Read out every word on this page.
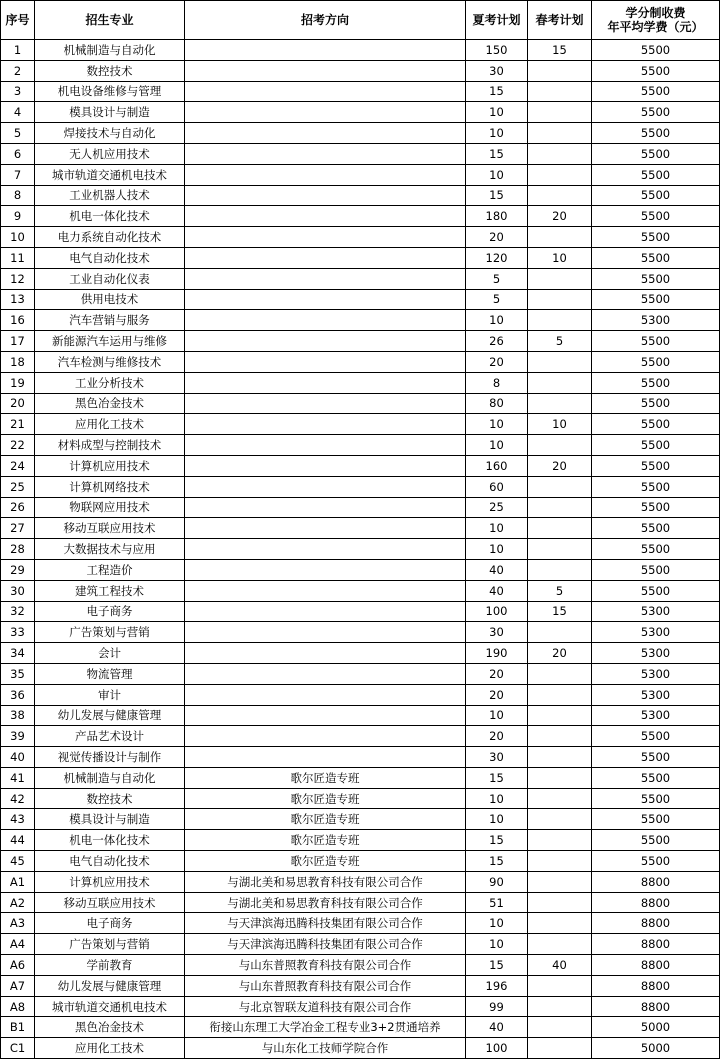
序号	招生专业	招考方向	夏考计划	春考计划	学分制收费
年平均学费（元）

1	机械制造与自动化		150	15	5500
2	数控技术		30		5500
3	机电设备维修与管理		15		5500
4	模具设计与制造		10		5500
5	焊接技术与自动化		10		5500
6	无人机应用技术		15		5500
7	城市轨道交通机电技术		10		5500
8	工业机器人技术		15		5500
9	机电一体化技术		180	20	5500
10	电力系统自动化技术		20		5500
11	电气自动化技术		120	10	5500
12	工业自动化仪表		5		5500
13	供用电技术		5		5500
16	汽车营销与服务		10		5300
17	新能源汽车运用与维修		26	5	5500
18	汽车检测与维修技术		20		5500
19	工业分析技术		8		5500
20	黑色冶金技术		80		5500
21	应用化工技术		10	10	5500
22	材料成型与控制技术		10		5500
24	计算机应用技术		160	20	5500
25	计算机网络技术		60		5500
26	物联网应用技术		25		5500
27	移动互联应用技术		10		5500
28	大数据技术与应用		10		5500
29	工程造价		40		5500
30	建筑工程技术		40	5	5500
32	电子商务		100	15	5300
33	广告策划与营销		30		5300
34	会计		190	20	5300
35	物流管理		20		5300
36	审计		20		5300
38	幼儿发展与健康管理		10		5300
39	产品艺术设计		20		5500
40	视觉传播设计与制作		30		5500
41	机械制造与自动化	歌尔匠造专班	15		5500
42	数控技术	歌尔匠造专班	10		5500
43	模具设计与制造	歌尔匠造专班	10		5500
44	机电一体化技术	歌尔匠造专班	15		5500
45	电气自动化技术	歌尔匠造专班	15		5500
A1	计算机应用技术	与湖北美和易思教育科技有限公司合作	90		8800
A2	移动互联应用技术	与湖北美和易思教育科技有限公司合作	51		8800
A3	电子商务	与天津滨海迅腾科技集团有限公司合作	10		8800
A4	广告策划与营销	与天津滨海迅腾科技集团有限公司合作	10		8800
A6	学前教育	与山东普照教育科技有限公司合作	15	40	8800
A7	幼儿发展与健康管理	与山东普照教育科技有限公司合作	196		8800
A8	城市轨道交通机电技术	与北京智联友道科技有限公司合作	99		8800
B1	黑色冶金技术	衔接山东理工大学冶金工程专业3+2贯通培养	40		5000
C1	应用化工技术	与山东化工技师学院合作	100		5000
